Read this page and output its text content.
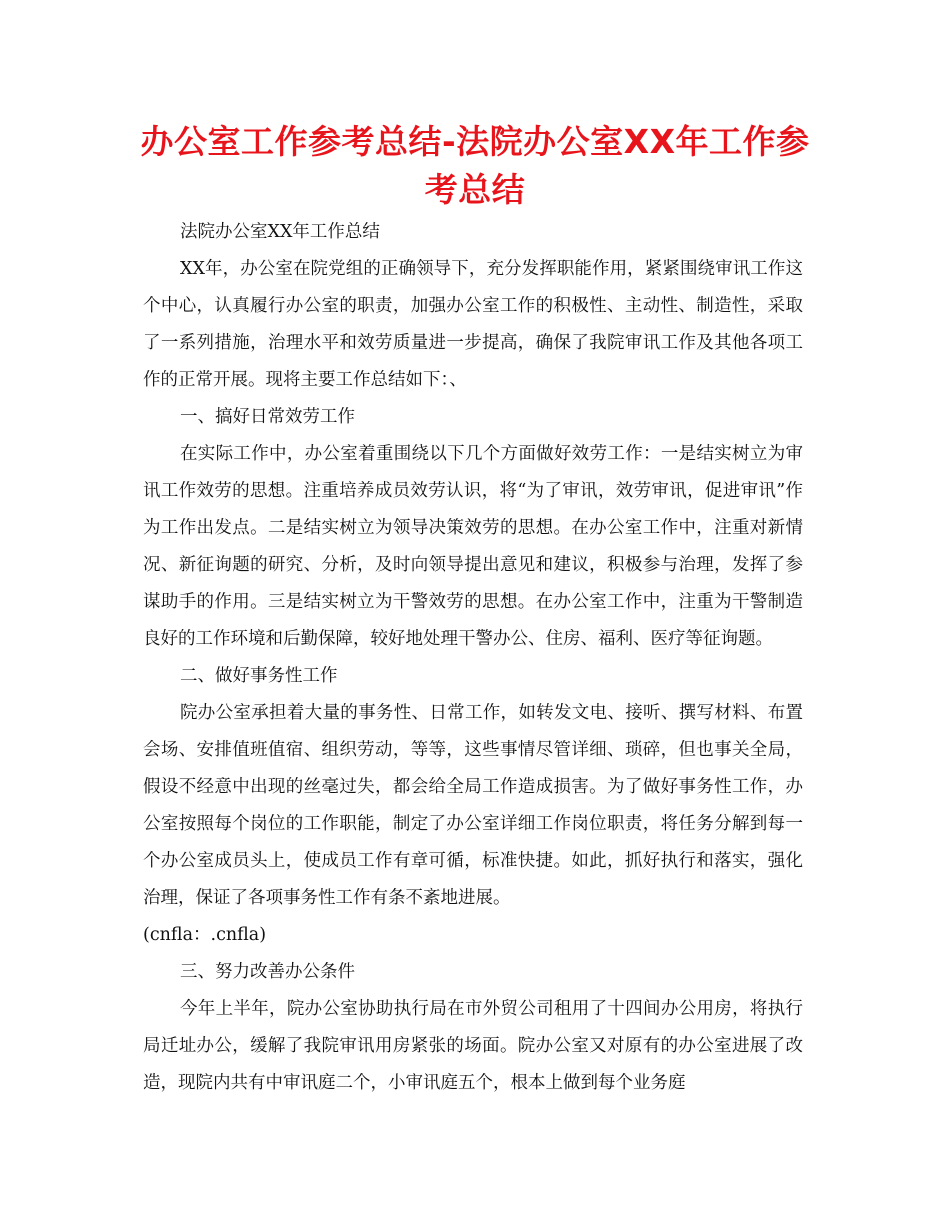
办公室工作参考总结-法院办公室XX年工作参考总结

法院办公室XX年工作总结

XX年，办公室在院党组的正确领导下，充分发挥职能作用，紧紧围绕审讯工作这个中心，认真履行办公室的职责，加强办公室工作的积极性、主动性、制造性，采取了一系列措施，治理水平和效劳质量进一步提高，确保了我院审讯工作及其他各项工作的正常开展。现将主要工作总结如下：、

一、搞好日常效劳工作

在实际工作中，办公室着重围绕以下几个方面做好效劳工作：一是结实树立为审讯工作效劳的思想。注重培养成员效劳认识，将“为了审讯，效劳审讯，促进审讯”作为工作出发点。二是结实树立为领导决策效劳的思想。在办公室工作中，注重对新情况、新征询题的研究、分析，及时向领导提出意见和建议，积极参与治理，发挥了参谋助手的作用。三是结实树立为干警效劳的思想。在办公室工作中，注重为干警制造良好的工作环境和后勤保障，较好地处理干警办公、住房、福利、医疗等征询题。

二、做好事务性工作

院办公室承担着大量的事务性、日常工作，如转发文电、接听、撰写材料、布置会场、安排值班值宿、组织劳动，等等，这些事情尽管详细、琐碎，但也事关全局，假设不经意中出现的丝毫过失，都会给全局工作造成损害。为了做好事务性工作，办公室按照每个岗位的工作职能，制定了办公室详细工作岗位职责，将任务分解到每一个办公室成员头上，使成员工作有章可循，标准快捷。如此，抓好执行和落实，强化治理，保证了各项事务性工作有条不紊地进展。

(cnfla：.cnfla)

三、努力改善办公条件

今年上半年，院办公室协助执行局在市外贸公司租用了十四间办公用房，将执行局迁址办公，缓解了我院审讯用房紧张的场面。院办公室又对原有的办公室进展了改造，现院内共有中审讯庭二个，小审讯庭五个，根本上做到每个业务庭
